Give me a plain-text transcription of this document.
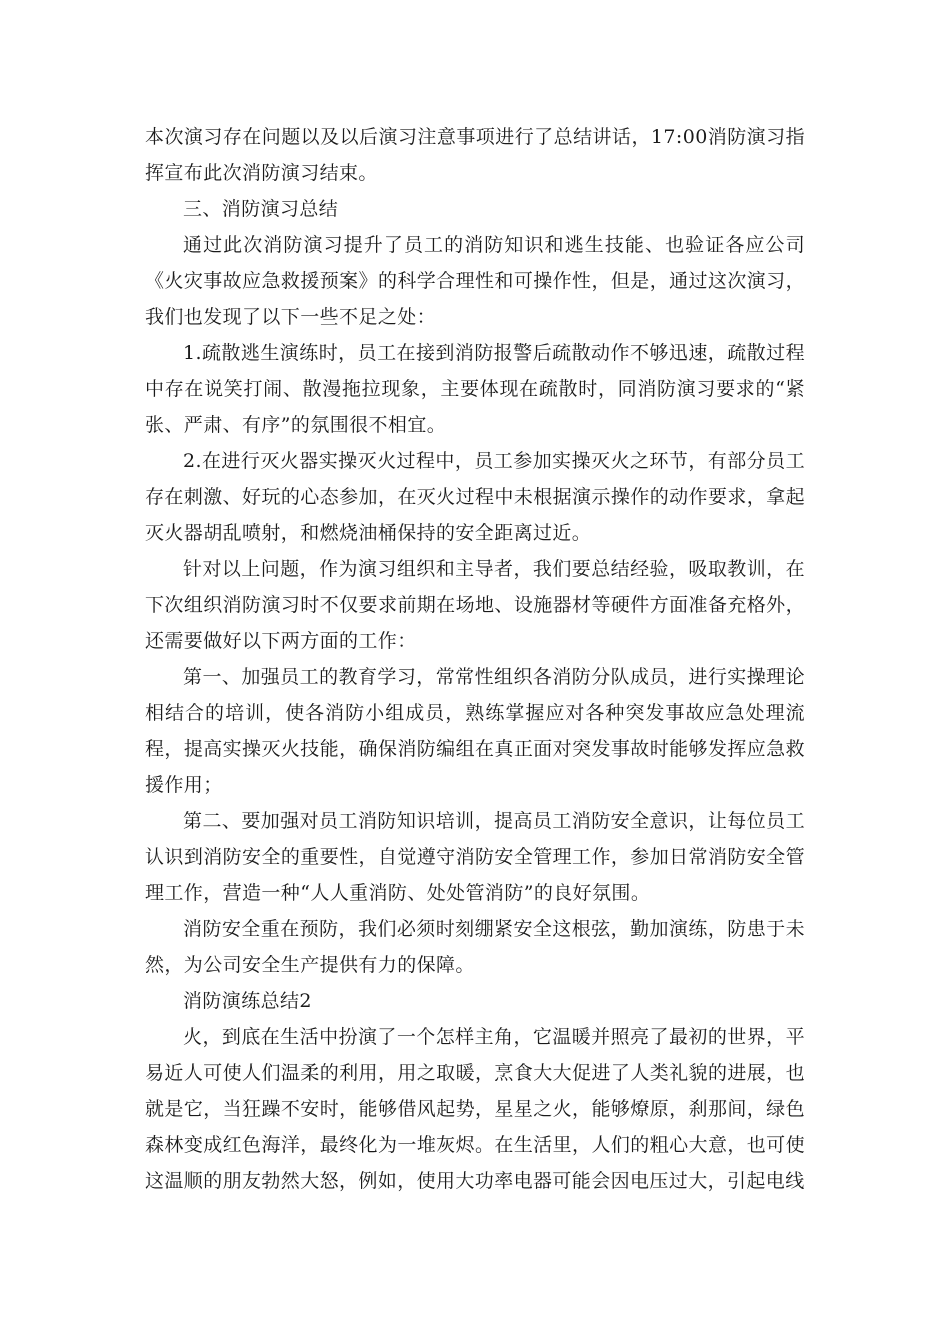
本次演习存在问题以及以后演习注意事项进行了总结讲话，17:00消防演习指挥宣布此次消防演习结束。

三、消防演习总结

通过此次消防演习提升了员工的消防知识和逃生技能、也验证各应公司《火灾事故应急救援预案》的科学合理性和可操作性，但是，通过这次演习，我们也发现了以下一些不足之处：

1.疏散逃生演练时，员工在接到消防报警后疏散动作不够迅速，疏散过程中存在说笑打闹、散漫拖拉现象，主要体现在疏散时，同消防演习要求的“紧张、严肃、有序”的氛围很不相宜。

2.在进行灭火器实操灭火过程中，员工参加实操灭火之环节，有部分员工存在刺激、好玩的心态参加，在灭火过程中未根据演示操作的动作要求，拿起灭火器胡乱喷射，和燃烧油桶保持的安全距离过近。

针对以上问题，作为演习组织和主导者，我们要总结经验，吸取教训，在下次组织消防演习时不仅要求前期在场地、设施器材等硬件方面准备充格外，还需要做好以下两方面的工作：

第一、加强员工的教育学习，常常性组织各消防分队成员，进行实操理论相结合的培训，使各消防小组成员，熟练掌握应对各种突发事故应急处理流程，提高实操灭火技能，确保消防编组在真正面对突发事故时能够发挥应急救援作用；

第二、要加强对员工消防知识培训，提高员工消防安全意识，让每位员工认识到消防安全的重要性，自觉遵守消防安全管理工作，参加日常消防安全管理工作，营造一种“人人重消防、处处管消防”的良好氛围。

消防安全重在预防，我们必须时刻绷紧安全这根弦，勤加演练，防患于未然，为公司安全生产提供有力的保障。

消防演练总结2

火，到底在生活中扮演了一个怎样主角，它温暖并照亮了最初的世界，平易近人可使人们温柔的利用，用之取暖，烹食大大促进了人类礼貌的进展，也就是它，当狂躁不安时，能够借风起势，星星之火，能够燎原，刹那间，绿色森林变成红色海洋，最终化为一堆灰烬。在生活里，人们的粗心大意，也可使这温顺的朋友勃然大怒，例如，使用大功率电器可能会因电压过大，引起电线
